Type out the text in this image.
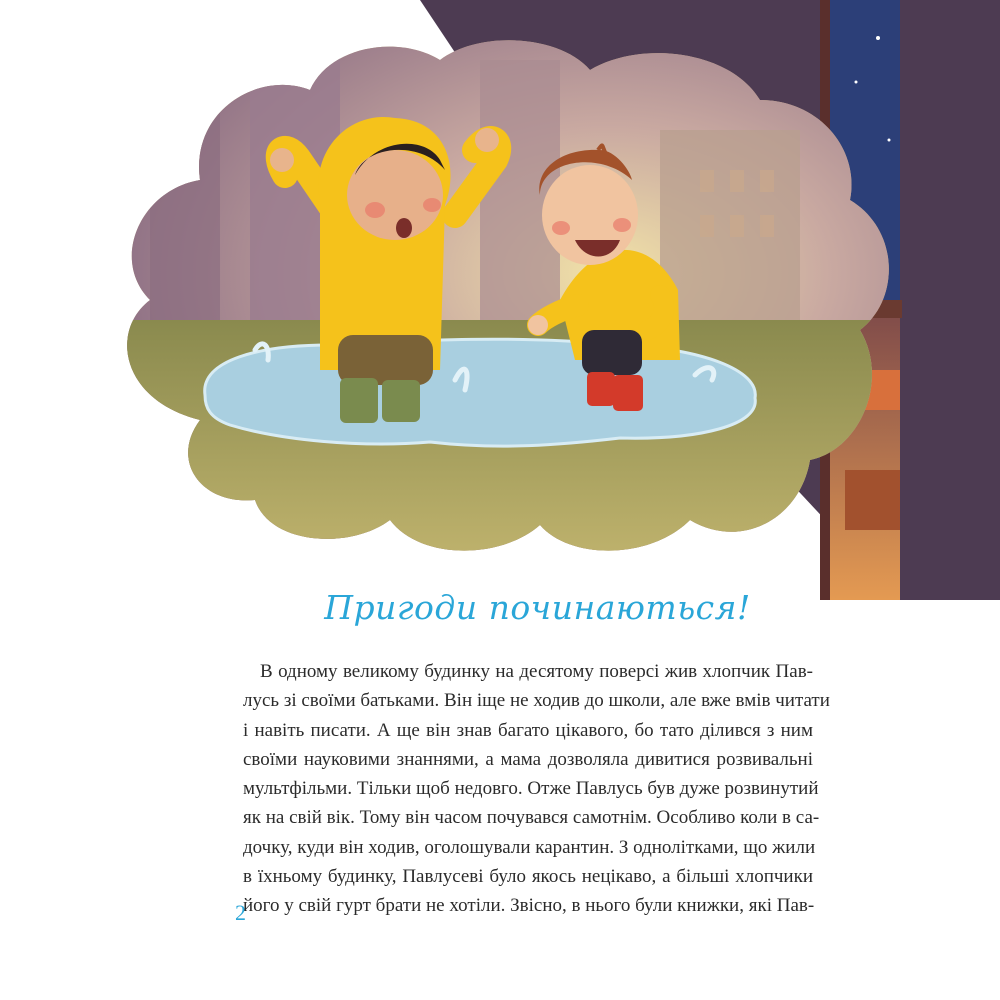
Пригоди починаються!
В одному великому будинку на десятому поверсі жив хлопчик Пав-
лусь зі своїми батьками. Він іще не ходив до школи, але вже вмів читати
і навіть писати. А ще він знав багато цікавого, бо тато ділився з ним
своїми науковими знаннями, а мама дозволяла дивитися розвивальні
мультфільми. Тільки щоб недовго. Отже Павлусь був дуже розвинутий
як на свій вік. Тому він часом почувався самотнім. Особливо коли в са-
дочку, куди він ходив, оголошували карантин. З однолітками, що жили
в їхньому будинку, Павлусеві було якось нецікаво, а більші хлопчики
його у свій гурт брати не хотіли. Звісно, в нього були книжки, які Пав-
2
